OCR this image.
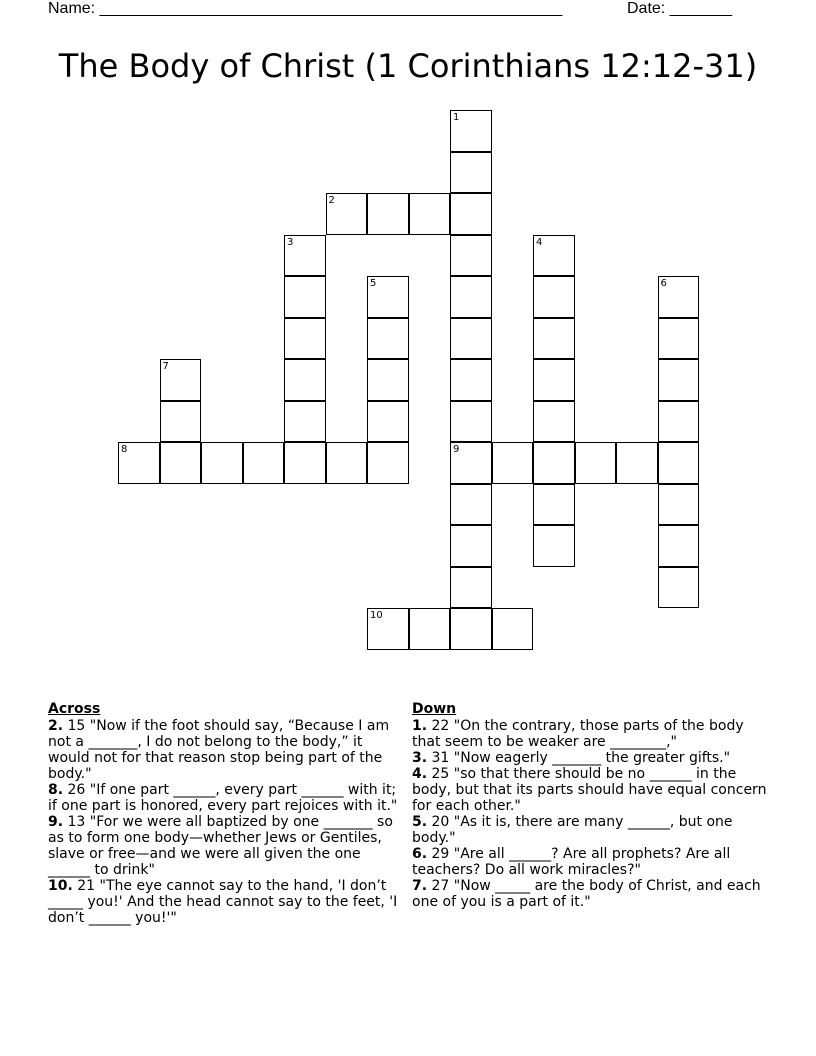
Name: ____________________________________________________	Date: _______
The Body of Christ (1 Corinthians 12:12-31)
1
2
3	4
5	6
7
8	9
10
Across

2. 15 "Now if the foot should say, “Because I am not a _______, I do not belong to the body,” it would not for that reason stop being part of the body."

8. 26 "If one part ______, every part ______ with it; if one part is honored, every part rejoices with it."

9. 13 "For we were all baptized by one _______ so as to form one body—whether Jews or Gentiles, slave or free—and we were all given the one ______ to drink"

10. 21 "The eye cannot say to the hand, 'I don’t _____ you!' And the head cannot say to the feet, 'I don’t ______ you!'"

Down

1. 22 "On the contrary, those parts of the body that seem to be weaker are ________,"

3. 31 "Now eagerly _______ the greater gifts."

4. 25 "so that there should be no ______ in the body, but that its parts should have equal concern for each other."

5. 20 "As it is, there are many ______, but one body."

6. 29 "Are all ______? Are all prophets? Are all teachers? Do all work miracles?"

7. 27 "Now _____ are the body of Christ, and each one of you is a part of it."
